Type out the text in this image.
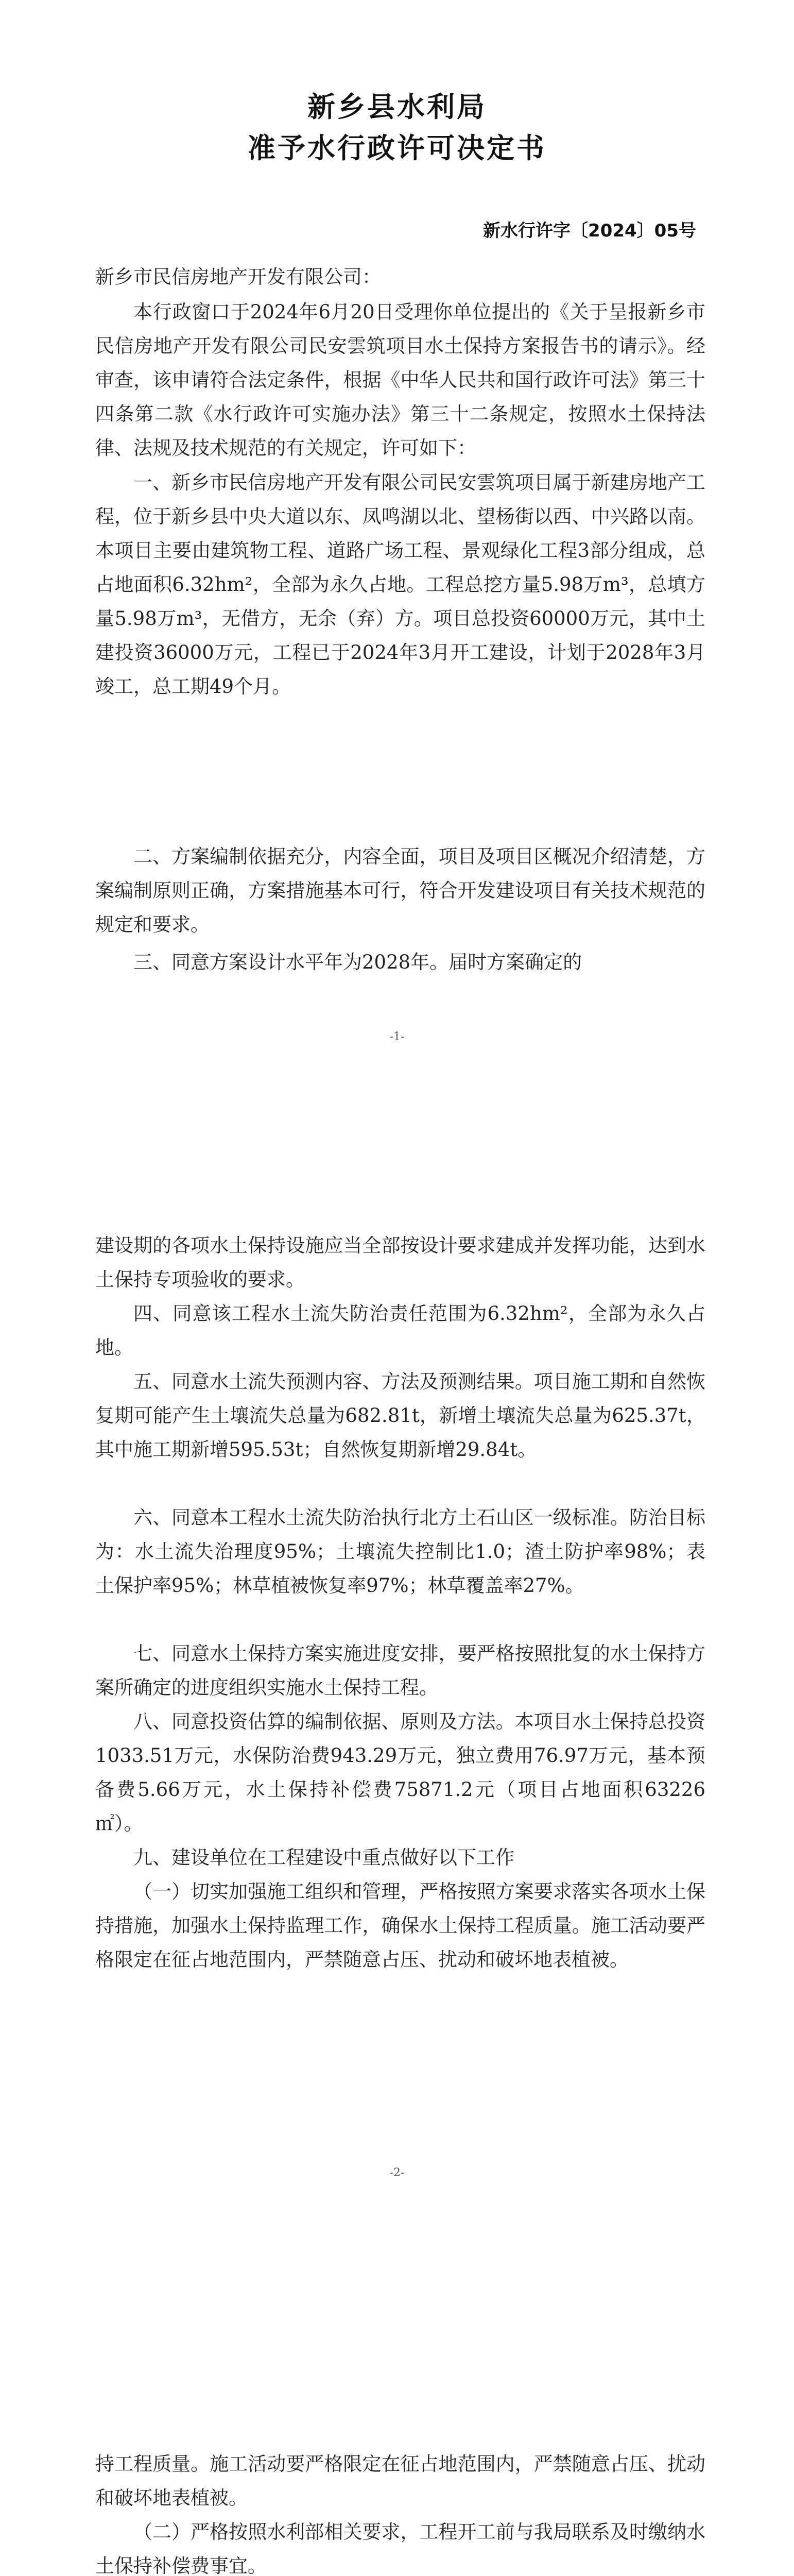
新乡县水利局
准予水行政许可决定书
新水行许字〔2024〕05号
新乡市民信房地产开发有限公司：
本行政窗口于2024年6月20日受理你单位提出的《关于呈报新乡市民信房地产开发有限公司民安雲筑项目水土保持方案报告书的请示》。经审查，该申请符合法定条件，根据《中华人民共和国行政许可法》第三十四条第二款《水行政许可实施办法》第三十二条规定，按照水土保持法律、法规及技术规范的有关规定，许可如下：
一、新乡市民信房地产开发有限公司民安雲筑项目属于新建房地产工程，位于新乡县中央大道以东、凤鸣湖以北、望杨街以西、中兴路以南。本项目主要由建筑物工程、道路广场工程、景观绿化工程3部分组成，总占地面积6.32hm²，全部为永久占地。工程总挖方量5.98万m³，总填方量5.98万m³，无借方，无余（弃）方。项目总投资60000万元，其中土建投资36000万元，工程已于2024年3月开工建设，计划于2028年3月竣工，总工期49个月。
二、方案编制依据充分，内容全面，项目及项目区概况介绍清楚，方案编制原则正确，方案措施基本可行，符合开发建设项目有关技术规范的规定和要求。
三、同意方案设计水平年为2028年。届时方案确定的
-1-
建设期的各项水土保持设施应当全部按设计要求建成并发挥功能，达到水土保持专项验收的要求。
四、同意该工程水土流失防治责任范围为6.32hm²，全部为永久占地。
五、同意水土流失预测内容、方法及预测结果。项目施工期和自然恢复期可能产生土壤流失总量为682.81t，新增土壤流失总量为625.37t，其中施工期新增595.53t；自然恢复期新增29.84t。
六、同意本工程水土流失防治执行北方土石山区一级标准。防治目标为：水土流失治理度95%；土壤流失控制比1.0；渣土防护率98%；表土保护率95%；林草植被恢复率97%；林草覆盖率27%。
七、同意水土保持方案实施进度安排，要严格按照批复的水土保持方案所确定的进度组织实施水土保持工程。
八、同意投资估算的编制依据、原则及方法。本项目水土保持总投资1033.51万元，水保防治费943.29万元，独立费用76.97万元，基本预备费5.66万元，水土保持补偿费75871.2元（项目占地面积63226㎡）。
九、建设单位在工程建设中重点做好以下工作
（一）切实加强施工组织和管理，严格按照方案要求落实各项水土保持措施，加强水土保持监理工作，确保水土保持工程质量。施工活动要严格限定在征占地范围内，严禁随意占压、扰动和破坏地表植被。
-2-
持工程质量。施工活动要严格限定在征占地范围内，严禁随意占压、扰动和破坏地表植被。
（二）严格按照水利部相关要求，工程开工前与我局联系及时缴纳水土保持补偿费事宜。
